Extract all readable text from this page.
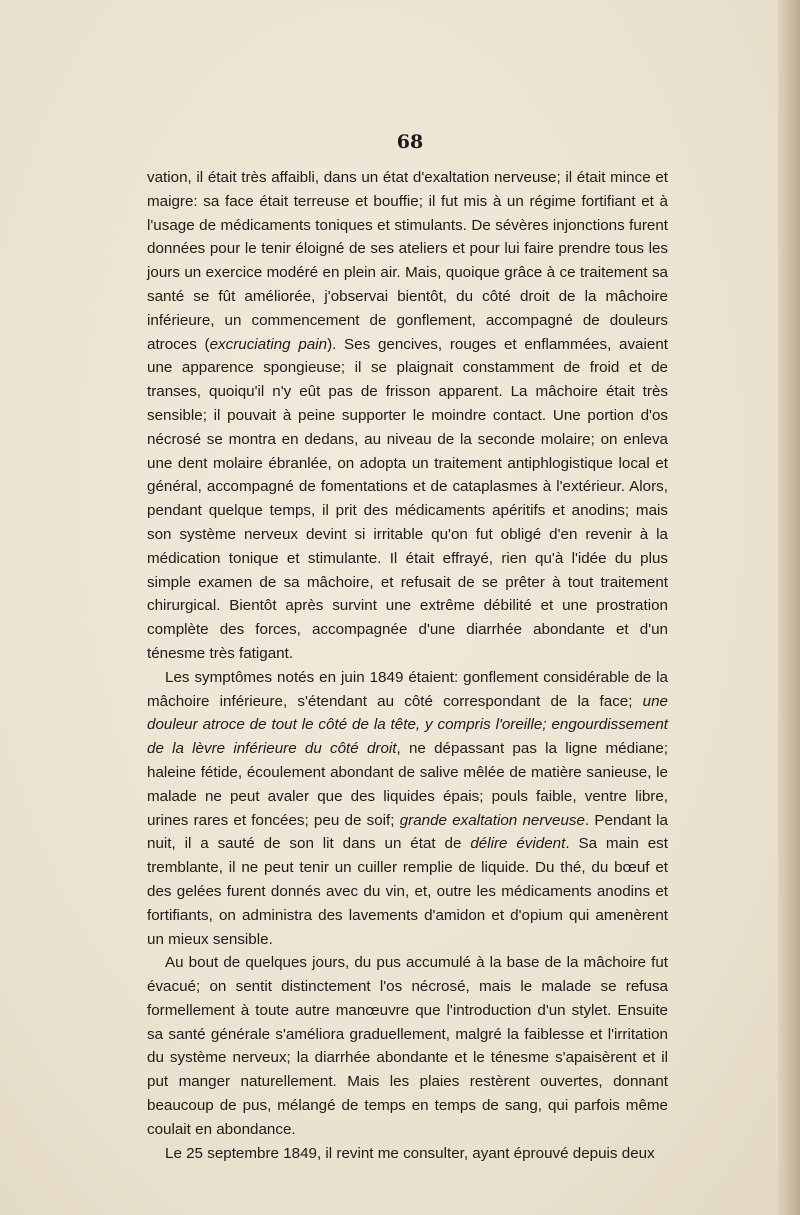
68

vation, il était très affaibli, dans un état d'exaltation nerveuse; il était mince et maigre: sa face était terreuse et bouffie; il fut mis à un régime fortifiant et à l'usage de médicaments toniques et stimulants. De sévères injonctions furent données pour le tenir éloigné de ses ateliers et pour lui faire prendre tous les jours un exercice modéré en plein air. Mais, quoique grâce à ce traitement sa santé se fût améliorée, j'observai bientôt, du côté droit de la mâchoire inférieure, un commencement de gonflement, accompagné de douleurs atroces (excruciating pain). Ses gencives, rouges et enflammées, avaient une apparence spongieuse; il se plaignait constamment de froid et de transes, quoiqu'il n'y eût pas de frisson apparent. La mâchoire était très sensible; il pouvait à peine supporter le moindre contact. Une portion d'os nécrosé se montra en dedans, au niveau de la seconde molaire; on enleva une dent molaire ébranlée, on adopta un traitement antiphlogistique local et général, accompagné de fomentations et de cataplasmes à l'extérieur. Alors, pendant quelque temps, il prit des médicaments apéritifs et anodins; mais son système nerveux devint si irritable qu'on fut obligé d'en revenir à la médication tonique et stimulante. Il était effrayé, rien qu'à l'idée du plus simple examen de sa mâchoire, et refusait de se prêter à tout traitement chirurgical. Bientôt après survint une extrême débilité et une prostration complète des forces, accompagnée d'une diarrhée abondante et d'un ténesme très fatigant.

Les symptômes notés en juin 1849 étaient: gonflement considérable de la mâchoire inférieure, s'étendant au côté correspondant de la face; une douleur atroce de tout le côté de la tête, y compris l'oreille; engourdissement de la lèvre inférieure du côté droit, ne dépassant pas la ligne médiane; haleine fétide, écoulement abondant de salive mêlée de matière sanieuse, le malade ne peut avaler que des liquides épais; pouls faible, ventre libre, urines rares et foncées; peu de soif; grande exaltation nerveuse. Pendant la nuit, il a sauté de son lit dans un état de délire évident. Sa main est tremblante, il ne peut tenir un cuiller remplie de liquide. Du thé, du bœuf et des gelées furent donnés avec du vin, et, outre les médicaments anodins et fortifiants, on administra des lavements d'amidon et d'opium qui amenèrent un mieux sensible.

Au bout de quelques jours, du pus accumulé à la base de la mâchoire fut évacué; on sentit distinctement l'os nécrosé, mais le malade se refusa formellement à toute autre manœuvre que l'introduction d'un stylet. Ensuite sa santé générale s'améliora graduellement, malgré la faiblesse et l'irritation du système nerveux; la diarrhée abondante et le ténesme s'apaisèrent et il put manger naturellement. Mais les plaies restèrent ouvertes, donnant beaucoup de pus, mélangé de temps en temps de sang, qui parfois même coulait en abondance.

Le 25 septembre 1849, il revint me consulter, ayant éprouvé depuis deux
